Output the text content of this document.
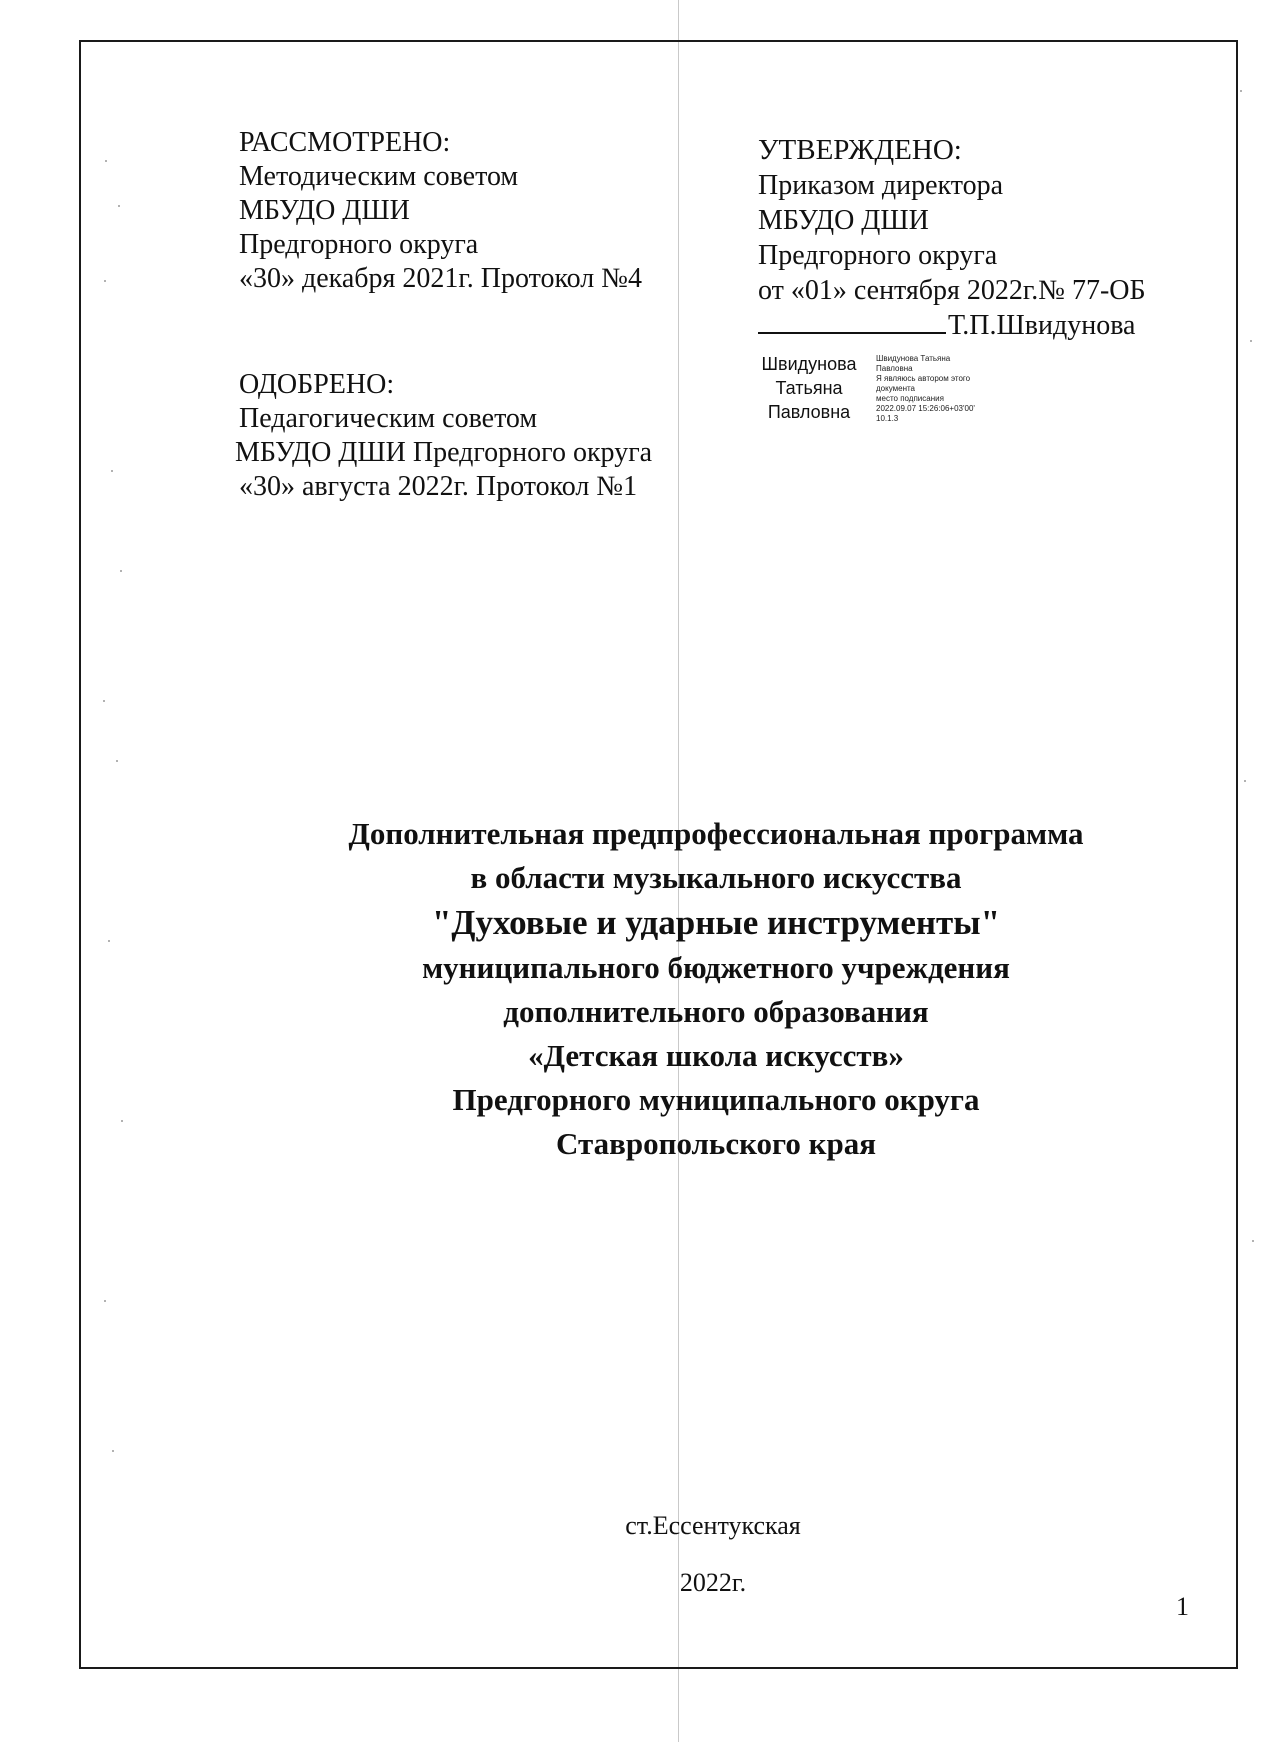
РАССМОТРЕНО:
Методическим советом
МБУДО ДШИ
Предгорного округа
«30» декабря 2021г. Протокол №4
ОДОБРЕНО:
Педагогическим советом
МБУДО ДШИ Предгорного округа
«30» августа 2022г. Протокол №1
УТВЕРЖДЕНО:
Приказом директора
МБУДО ДШИ
Предгорного округа
от «01» сентября 2022г.№ 77-ОБ
Т.П.Швидунова
Швидунова
Татьяна
Павловна
Швидунова Татьяна
Павловна
Я являюсь автором этого
документа
место подписания
2022.09.07 15:26:06+03'00'
10.1.3
Дополнительная предпрофессиональная программа
в области музыкального искусства
"Духовые и ударные инструменты"
муниципального бюджетного учреждения
дополнительного образования
«Детская школа искусств»
Предгорного муниципального округа
Ставропольского края
ст.Ессентукская
2022г.
1
